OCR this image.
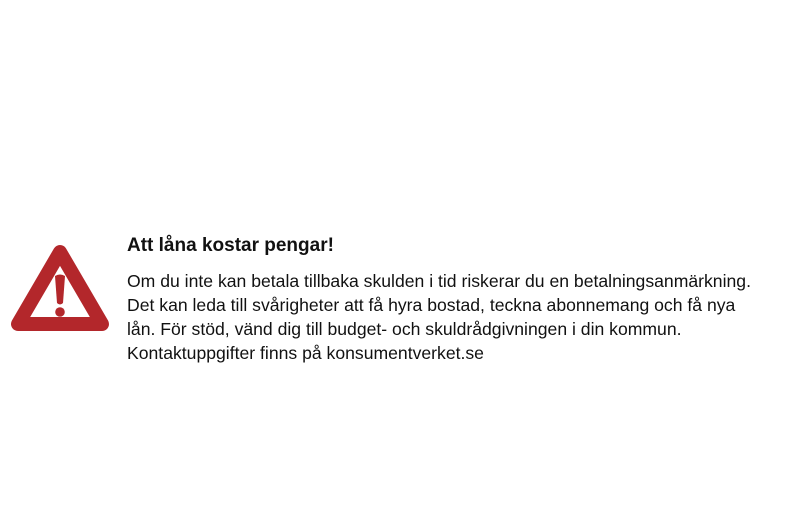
Att låna kostar pengar!

Om du inte kan betala tillbaka skulden i tid riskerar du en betalningsanmärkning.
Det kan leda till svårigheter att få hyra bostad, teckna abonnemang och få nya
lån. För stöd, vänd dig till budget- och skuldrådgivningen i din kommun.
Kontaktuppgifter finns på konsumentverket.se
